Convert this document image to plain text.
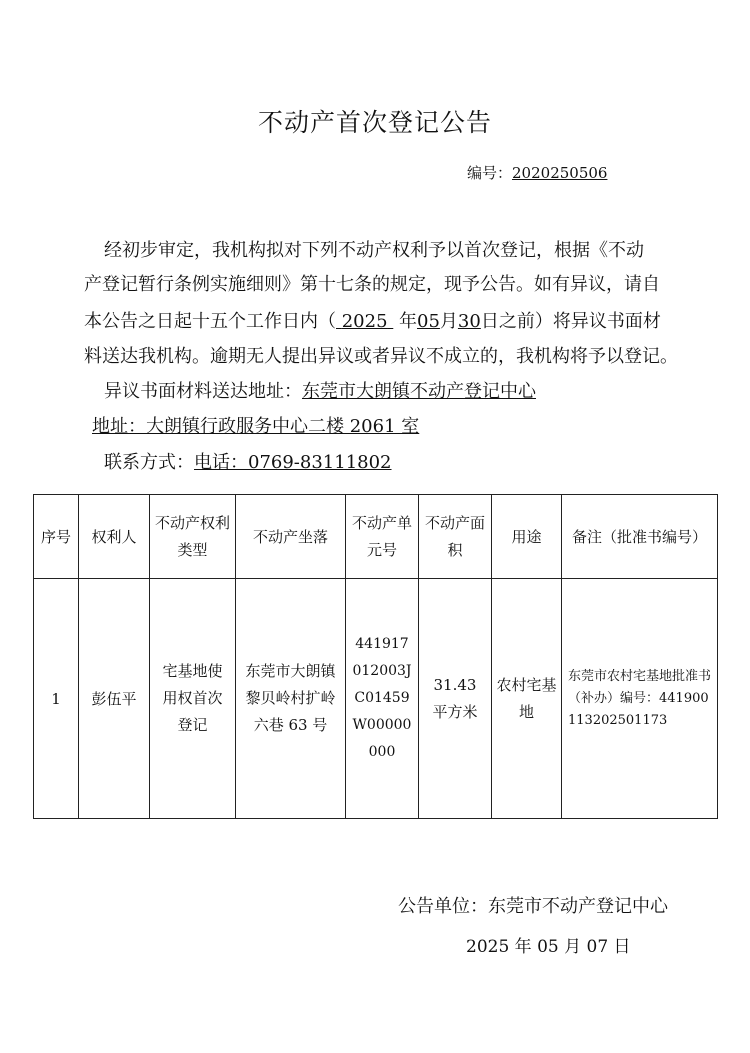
不动产首次登记公告
编号：2020250506
经初步审定，我机构拟对下列不动产权利予以首次登记，根据《不动
产登记暂行条例实施细则》第十七条的规定，现予公告。如有异议，请自
本公告之日起十五个工作日内（ 2025 年05月30日之前）将异议书面材
料送达我机构。逾期无人提出异议或者异议不成立的，我机构将予以登记。
异议书面材料送达地址：东莞市大朗镇不动产登记中心
地址：大朗镇行政服务中心二楼 2061 室
联系方式：电话：0769-83111802
序号	权利人	不动产权利类型	不动产坐落	不动产单元号	不动产面积	用途	备注（批准书编号）
1	彭伍平	宅基地使用权首次登记	东莞市大朗镇黎贝岭村扩岭六巷 63 号	441917012003JC01459W00000000	31.43 平方米	农村宅基地	东莞市农村宅基地批准书（补办）编号：441900113202501173
公告单位：东莞市不动产登记中心
2025 年 05 月 07 日
